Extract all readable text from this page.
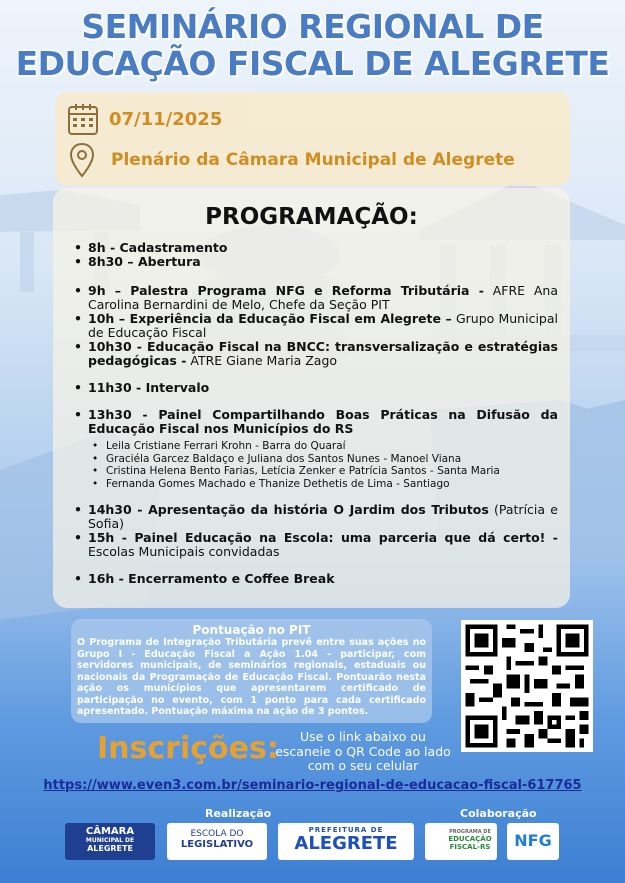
SEMINÁRIO REGIONAL DE
EDUCAÇÃO FISCAL DE ALEGRETE
07/11/2025
Plenário da Câmara Municipal de Alegrete
PROGRAMAÇÃO:
• 8h - Cadastramento
• 8h30 – Abertura
• 9h – Palestra Programa NFG e Reforma Tributária - AFRE Ana Carolina Bernardini de Melo, Chefe da Seção PIT
• 10h – Experiência da Educação Fiscal em Alegrete – Grupo Municipal de Educação Fiscal
• 10h30 - Educação Fiscal na BNCC: transversalização e estratégias pedagógicas - ATRE Giane Maria Zago
• 11h30 - Intervalo
• 13h30 - Painel Compartilhando Boas Práticas na Difusão da Educação Fiscal nos Municípios do RS
• Leila Cristiane Ferrari Krohn - Barra do Quaraí
• Graciéla Garcez Baldaço e Juliana dos Santos Nunes - Manoel Viana
• Cristina Helena Bento Farias, Letícia Zenker e Patrícia Santos - Santa Maria
• Fernanda Gomes Machado e Thanize Dethetis de Lima - Santiago
• 14h30 - Apresentação da história O Jardim dos Tributos (Patrícia e Sofia)
• 15h - Painel Educação na Escola: uma parceria que dá certo! - Escolas Municipais convidadas
• 16h - Encerramento e Coffee Break
Pontuação no PIT
O Programa de Integração Tributária prevê entre suas ações no Grupo I - Educação Fiscal a Ação 1.04 - participar, com servidores municipais, de seminários regionais, estaduais ou nacionais da Programação de Educação Fiscal. Pontuarão nesta ação os municípios que apresentarem certificado de participação no evento, com 1 ponto para cada certificado apresentado. Pontuação máxima na ação de 3 pontos.
Inscrições:	Use o link abaixo ou escaneie o QR Code ao lado com o seu celular
https://www.even3.com.br/seminario-regional-de-educacao-fiscal-617765
Realização	Colaboração
CÂMARA
MUNICIPAL DE
ALEGRETE
ESCOLA DO
LEGISLATIVO
PREFEITURA DE
ALEGRETE
PROGRAMA DE
EDUCAÇÃO
FISCAL-RS	NFG
